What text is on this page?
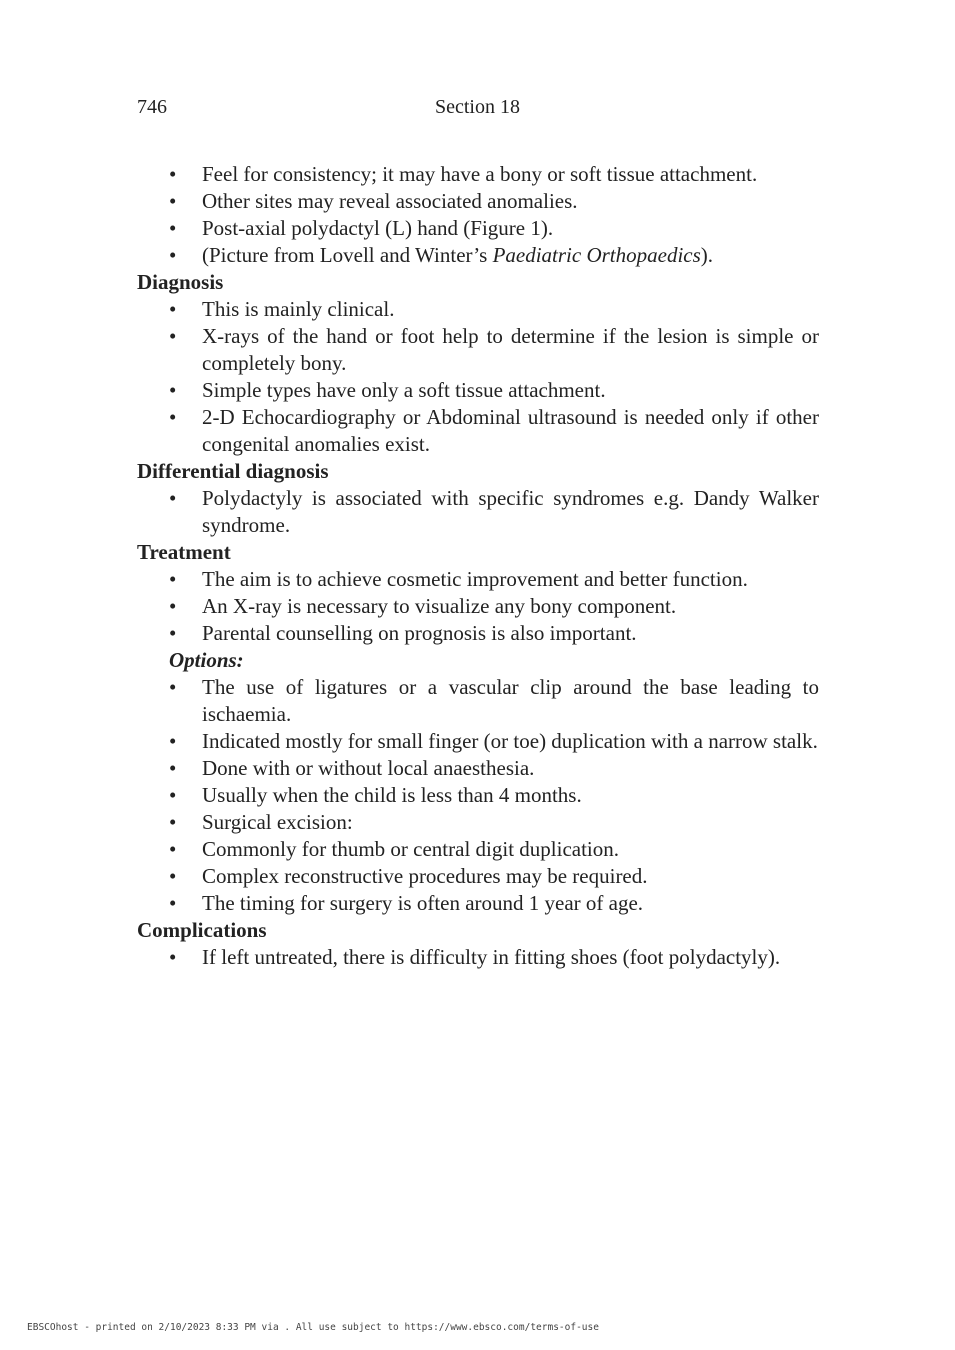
746	Section 18
• Feel for consistency; it may have a bony or soft tissue attachment.
• Other sites may reveal associated anomalies.
• Post-axial polydactyl (L) hand (Figure 1).
• (Picture from Lovell and Winter’s Paediatric Orthopaedics).
Diagnosis
• This is mainly clinical.
• X-rays of the hand or foot help to determine if the lesion is simple or completely bony.
• Simple types have only a soft tissue attachment.
• 2-D Echocardiography or Abdominal ultrasound is needed only if other congenital anomalies exist.
Differential diagnosis
• Polydactyly is associated with specific syndromes e.g. Dandy Walker syndrome.
Treatment
• The aim is to achieve cosmetic improvement and better function.
• An X-ray is necessary to visualize any bony component.
• Parental counselling on prognosis is also important.
Options:
• The use of ligatures or a vascular clip around the base leading to ischaemia.
• Indicated mostly for small finger (or toe) duplication with a narrow stalk.
• Done with or without local anaesthesia.
• Usually when the child is less than 4 months.
• Surgical excision:
• Commonly for thumb or central digit duplication.
• Complex reconstructive procedures may be required.
• The timing for surgery is often around 1 year of age.
Complications
• If left untreated, there is difficulty in fitting shoes (foot polydactyly).
EBSCOhost - printed on 2/10/2023 8:33 PM via . All use subject to https://www.ebsco.com/terms-of-use
